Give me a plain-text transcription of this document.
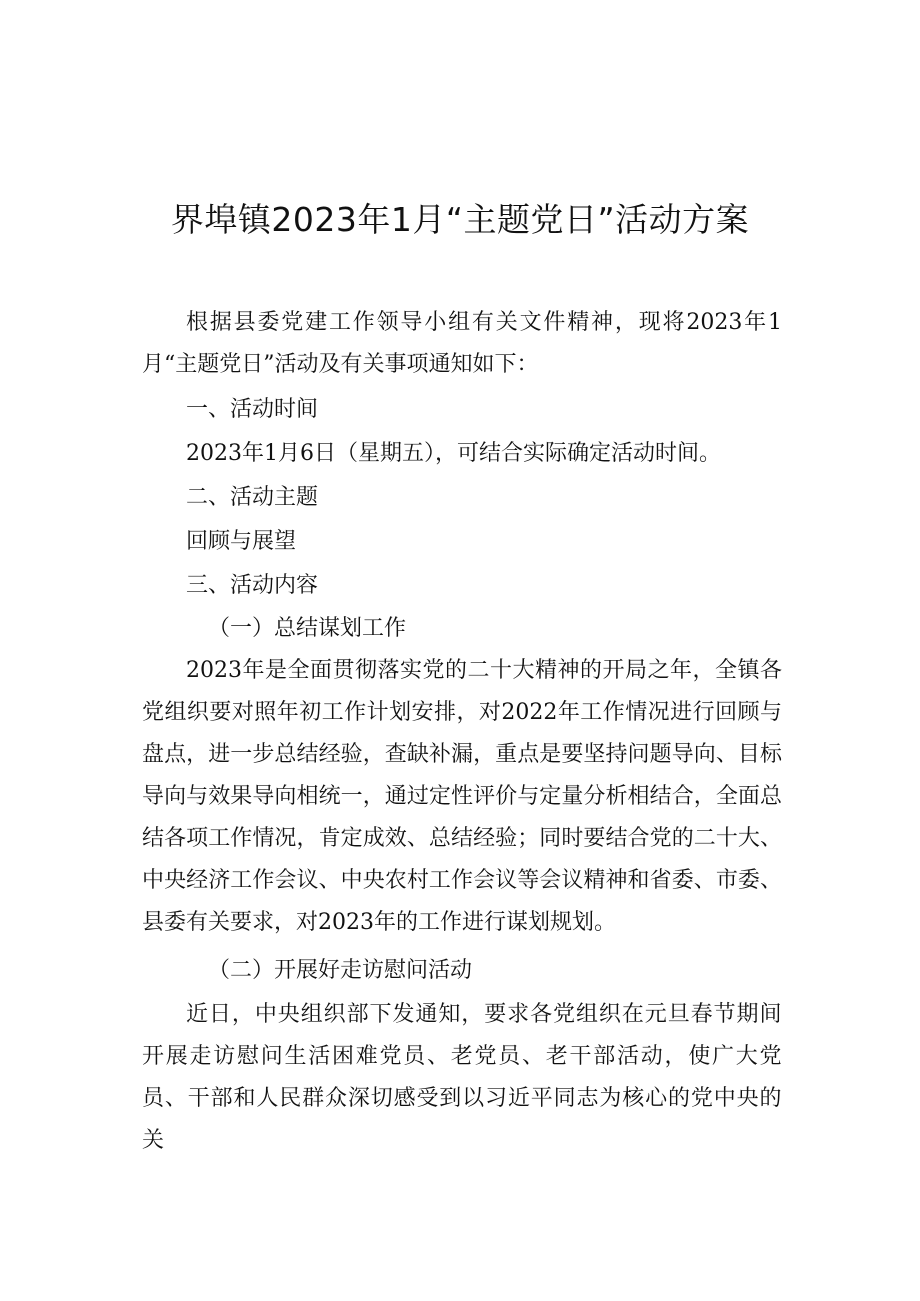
界埠镇2023年1月“主题党日”活动方案

根据县委党建工作领导小组有关文件精神，现将2023年1月“主题党日”活动及有关事项通知如下：

一、活动时间

2023年1月6日（星期五），可结合实际确定活动时间。

二、活动主题

回顾与展望

三、活动内容

（一）总结谋划工作

2023年是全面贯彻落实党的二十大精神的开局之年，全镇各党组织要对照年初工作计划安排，对2022年工作情况进行回顾与盘点，进一步总结经验，查缺补漏，重点是要坚持问题导向、目标导向与效果导向相统一，通过定性评价与定量分析相结合，全面总结各项工作情况，肯定成效、总结经验；同时要结合党的二十大、中央经济工作会议、中央农村工作会议等会议精神和省委、市委、县委有关要求，对2023年的工作进行谋划规划。

（二）开展好走访慰问活动

近日，中央组织部下发通知，要求各党组织在元旦春节期间开展走访慰问生活困难党员、老党员、老干部活动，使广大党员、干部和人民群众深切感受到以习近平同志为核心的党中央的关
